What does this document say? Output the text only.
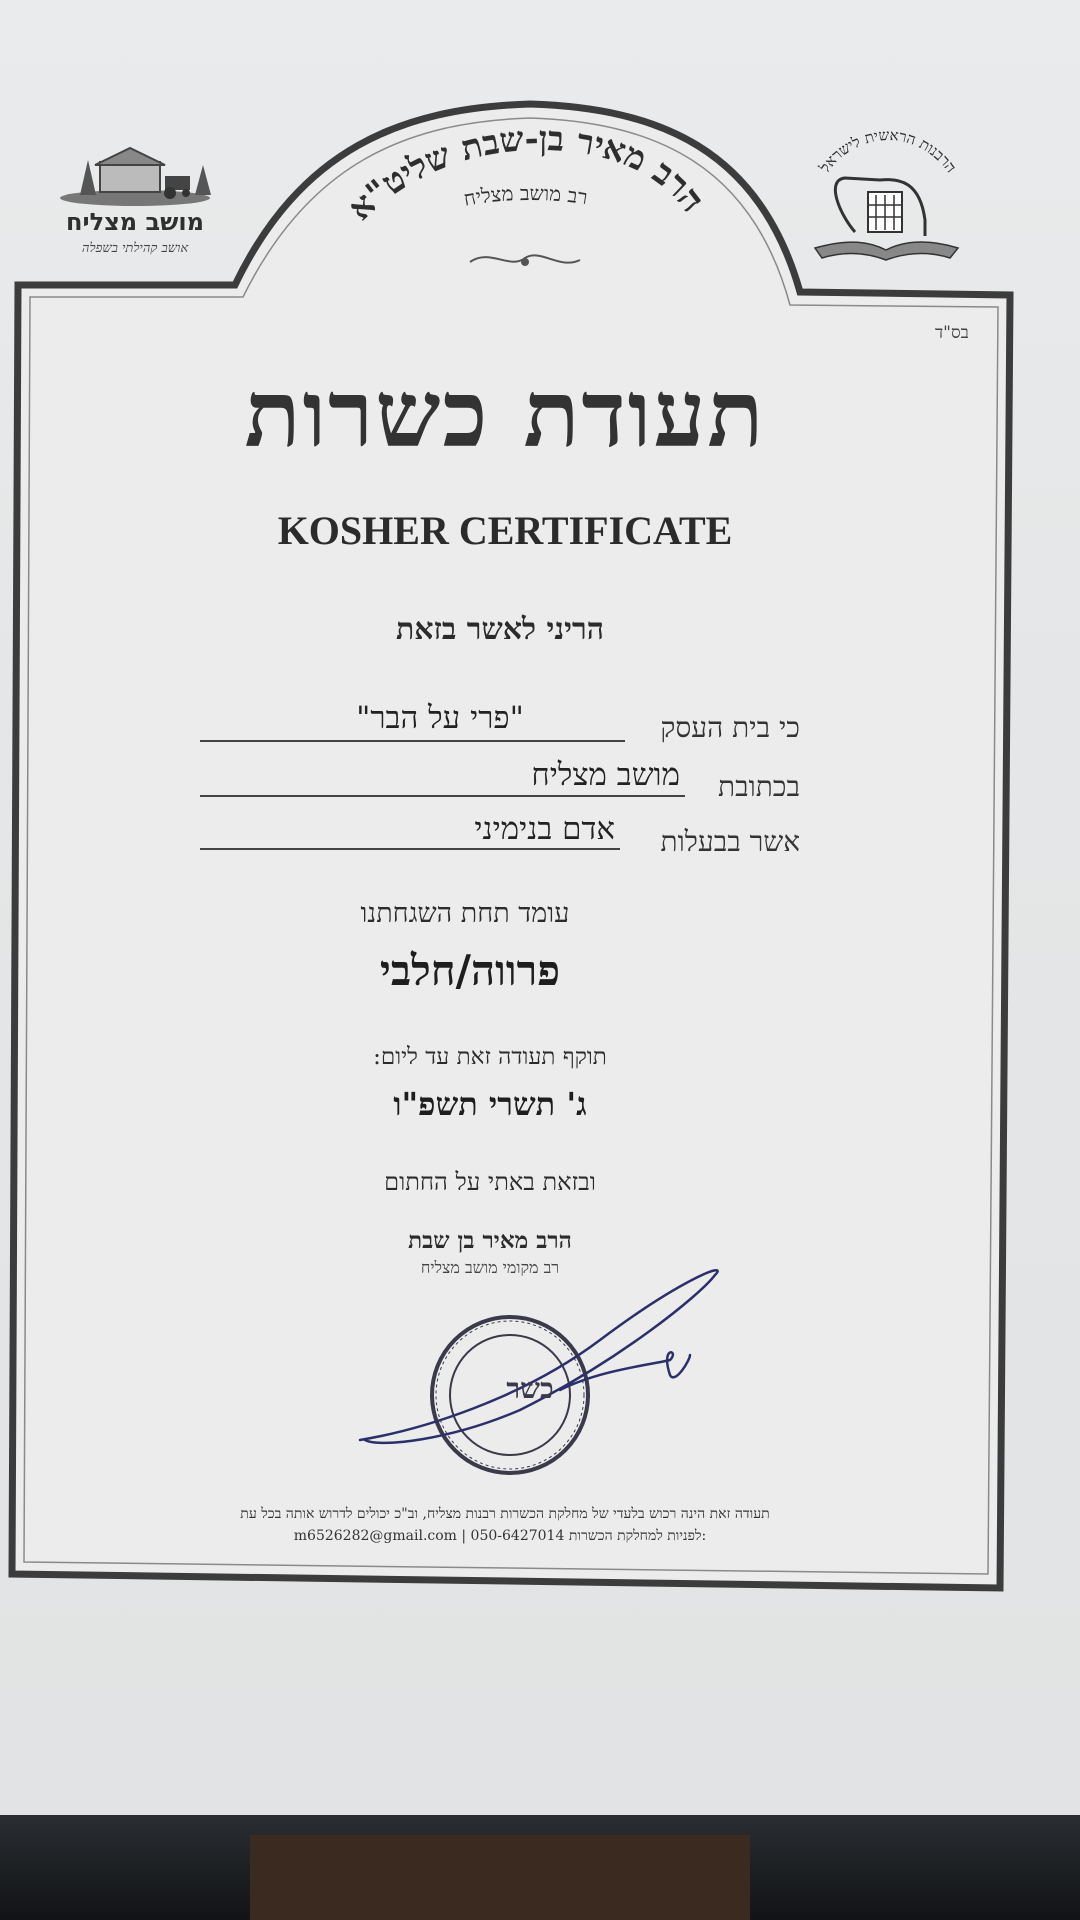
הרב מאיר בן-שבת שליט"א
רב מושב מצליח
הרבנות הראשית לישראל
בס"ד
מושב מצליח
אושב קהילתי בשפלה
תעודת כשרות
KOSHER CERTIFICATE
הריני לאשר בזאת
כי בית העסק
"פרי על הבר"
בכתובת
מושב מצליח
אשר בבעלות
אדם בנימיני
עומד תחת השגחתנו
פרווה/חלבי
תוקף תעודה זאת עד ליום:
ג' תשרי תשפ"ו
ובזאת באתי על החתום
הרב מאיר בן שבת
רב מקומי מושב מצליח
כשר
תעודה זאת הינה רכוש בלעדי של מחלקת הכשרות רבנות מצליח, וב"כ יכולים לדרוש אותה בכל עת
m6526282@gmail.com | 050-6427014 לפניות למחלקת הכשרות:
